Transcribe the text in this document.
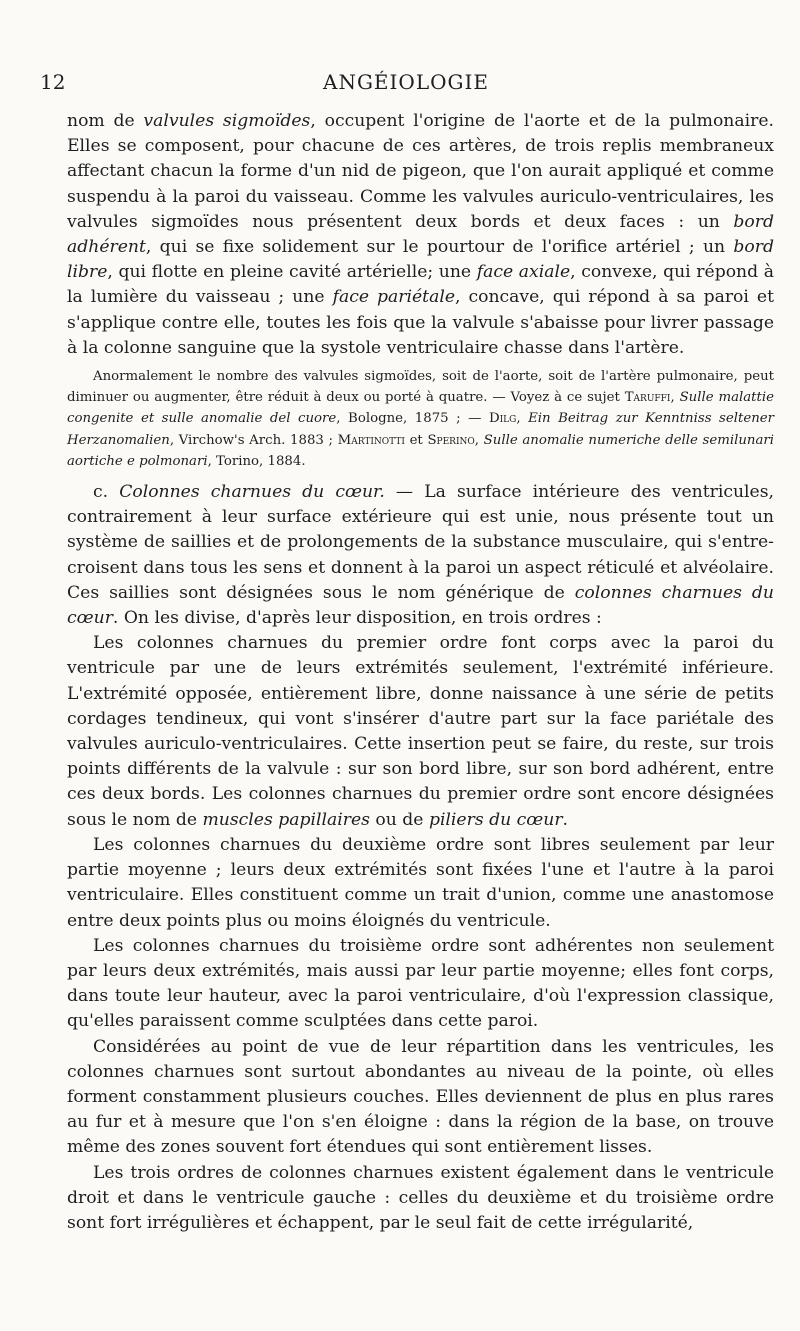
12	ANGÉIOLOGIE

nom de valvules sigmoïdes, occupent l'origine de l'aorte et de la pulmonaire. Elles se composent, pour chacune de ces artères, de trois replis membraneux affectant chacun la forme d'un nid de pigeon, que l'on aurait appliqué et comme suspendu à la paroi du vaisseau. Comme les valvules auriculo-ventriculaires, les valvules sigmoïdes nous présentent deux bords et deux faces : un bord adhérent, qui se fixe solidement sur le pourtour de l'orifice artériel ; un bord libre, qui flotte en pleine cavité artérielle; une face axiale, convexe, qui répond à la lumière du vaisseau ; une face pariétale, concave, qui répond à sa paroi et s'applique contre elle, toutes les fois que la valvule s'abaisse pour livrer passage à la colonne sanguine que la systole ventriculaire chasse dans l'artère.

Anormalement le nombre des valvules sigmoïdes, soit de l'aorte, soit de l'artère pulmonaire, peut diminuer ou augmenter, être réduit à deux ou porté à quatre. — Voyez à ce sujet Taruffi, Sulle malattie congenite et sulle anomalie del cuore, Bologne, 1875 ; — Dilg, Ein Beitrag zur Kenntniss seltener Herzanomalien, Virchow's Arch. 1883 ; Martinotti et Sperino, Sulle anomalie numeriche delle semilunari aortiche e polmonari, Torino, 1884.

c. Colonnes charnues du cœur. — La surface intérieure des ventricules, contrairement à leur surface extérieure qui est unie, nous présente tout un système de saillies et de prolongements de la substance musculaire, qui s'entre-croisent dans tous les sens et donnent à la paroi un aspect réticulé et alvéolaire. Ces saillies sont désignées sous le nom générique de colonnes charnues du cœur. On les divise, d'après leur disposition, en trois ordres :

Les colonnes charnues du premier ordre font corps avec la paroi du ventricule par une de leurs extrémités seulement, l'extrémité inférieure. L'extrémité opposée, entièrement libre, donne naissance à une série de petits cordages tendineux, qui vont s'insérer d'autre part sur la face pariétale des valvules auriculo-ventriculaires. Cette insertion peut se faire, du reste, sur trois points différents de la valvule : sur son bord libre, sur son bord adhérent, entre ces deux bords. Les colonnes charnues du premier ordre sont encore désignées sous le nom de muscles papillaires ou de piliers du cœur.

Les colonnes charnues du deuxième ordre sont libres seulement par leur partie moyenne ; leurs deux extrémités sont fixées l'une et l'autre à la paroi ventriculaire. Elles constituent comme un trait d'union, comme une anastomose entre deux points plus ou moins éloignés du ventricule.

Les colonnes charnues du troisième ordre sont adhérentes non seulement par leurs deux extrémités, mais aussi par leur partie moyenne; elles font corps, dans toute leur hauteur, avec la paroi ventriculaire, d'où l'expression classique, qu'elles paraissent comme sculptées dans cette paroi.

Considérées au point de vue de leur répartition dans les ventricules, les colonnes charnues sont surtout abondantes au niveau de la pointe, où elles forment constamment plusieurs couches. Elles deviennent de plus en plus rares au fur et à mesure que l'on s'en éloigne : dans la région de la base, on trouve même des zones souvent fort étendues qui sont entièrement lisses.

Les trois ordres de colonnes charnues existent également dans le ventricule droit et dans le ventricule gauche : celles du deuxième et du troisième ordre sont fort irrégulières et échappent, par le seul fait de cette irrégularité,
